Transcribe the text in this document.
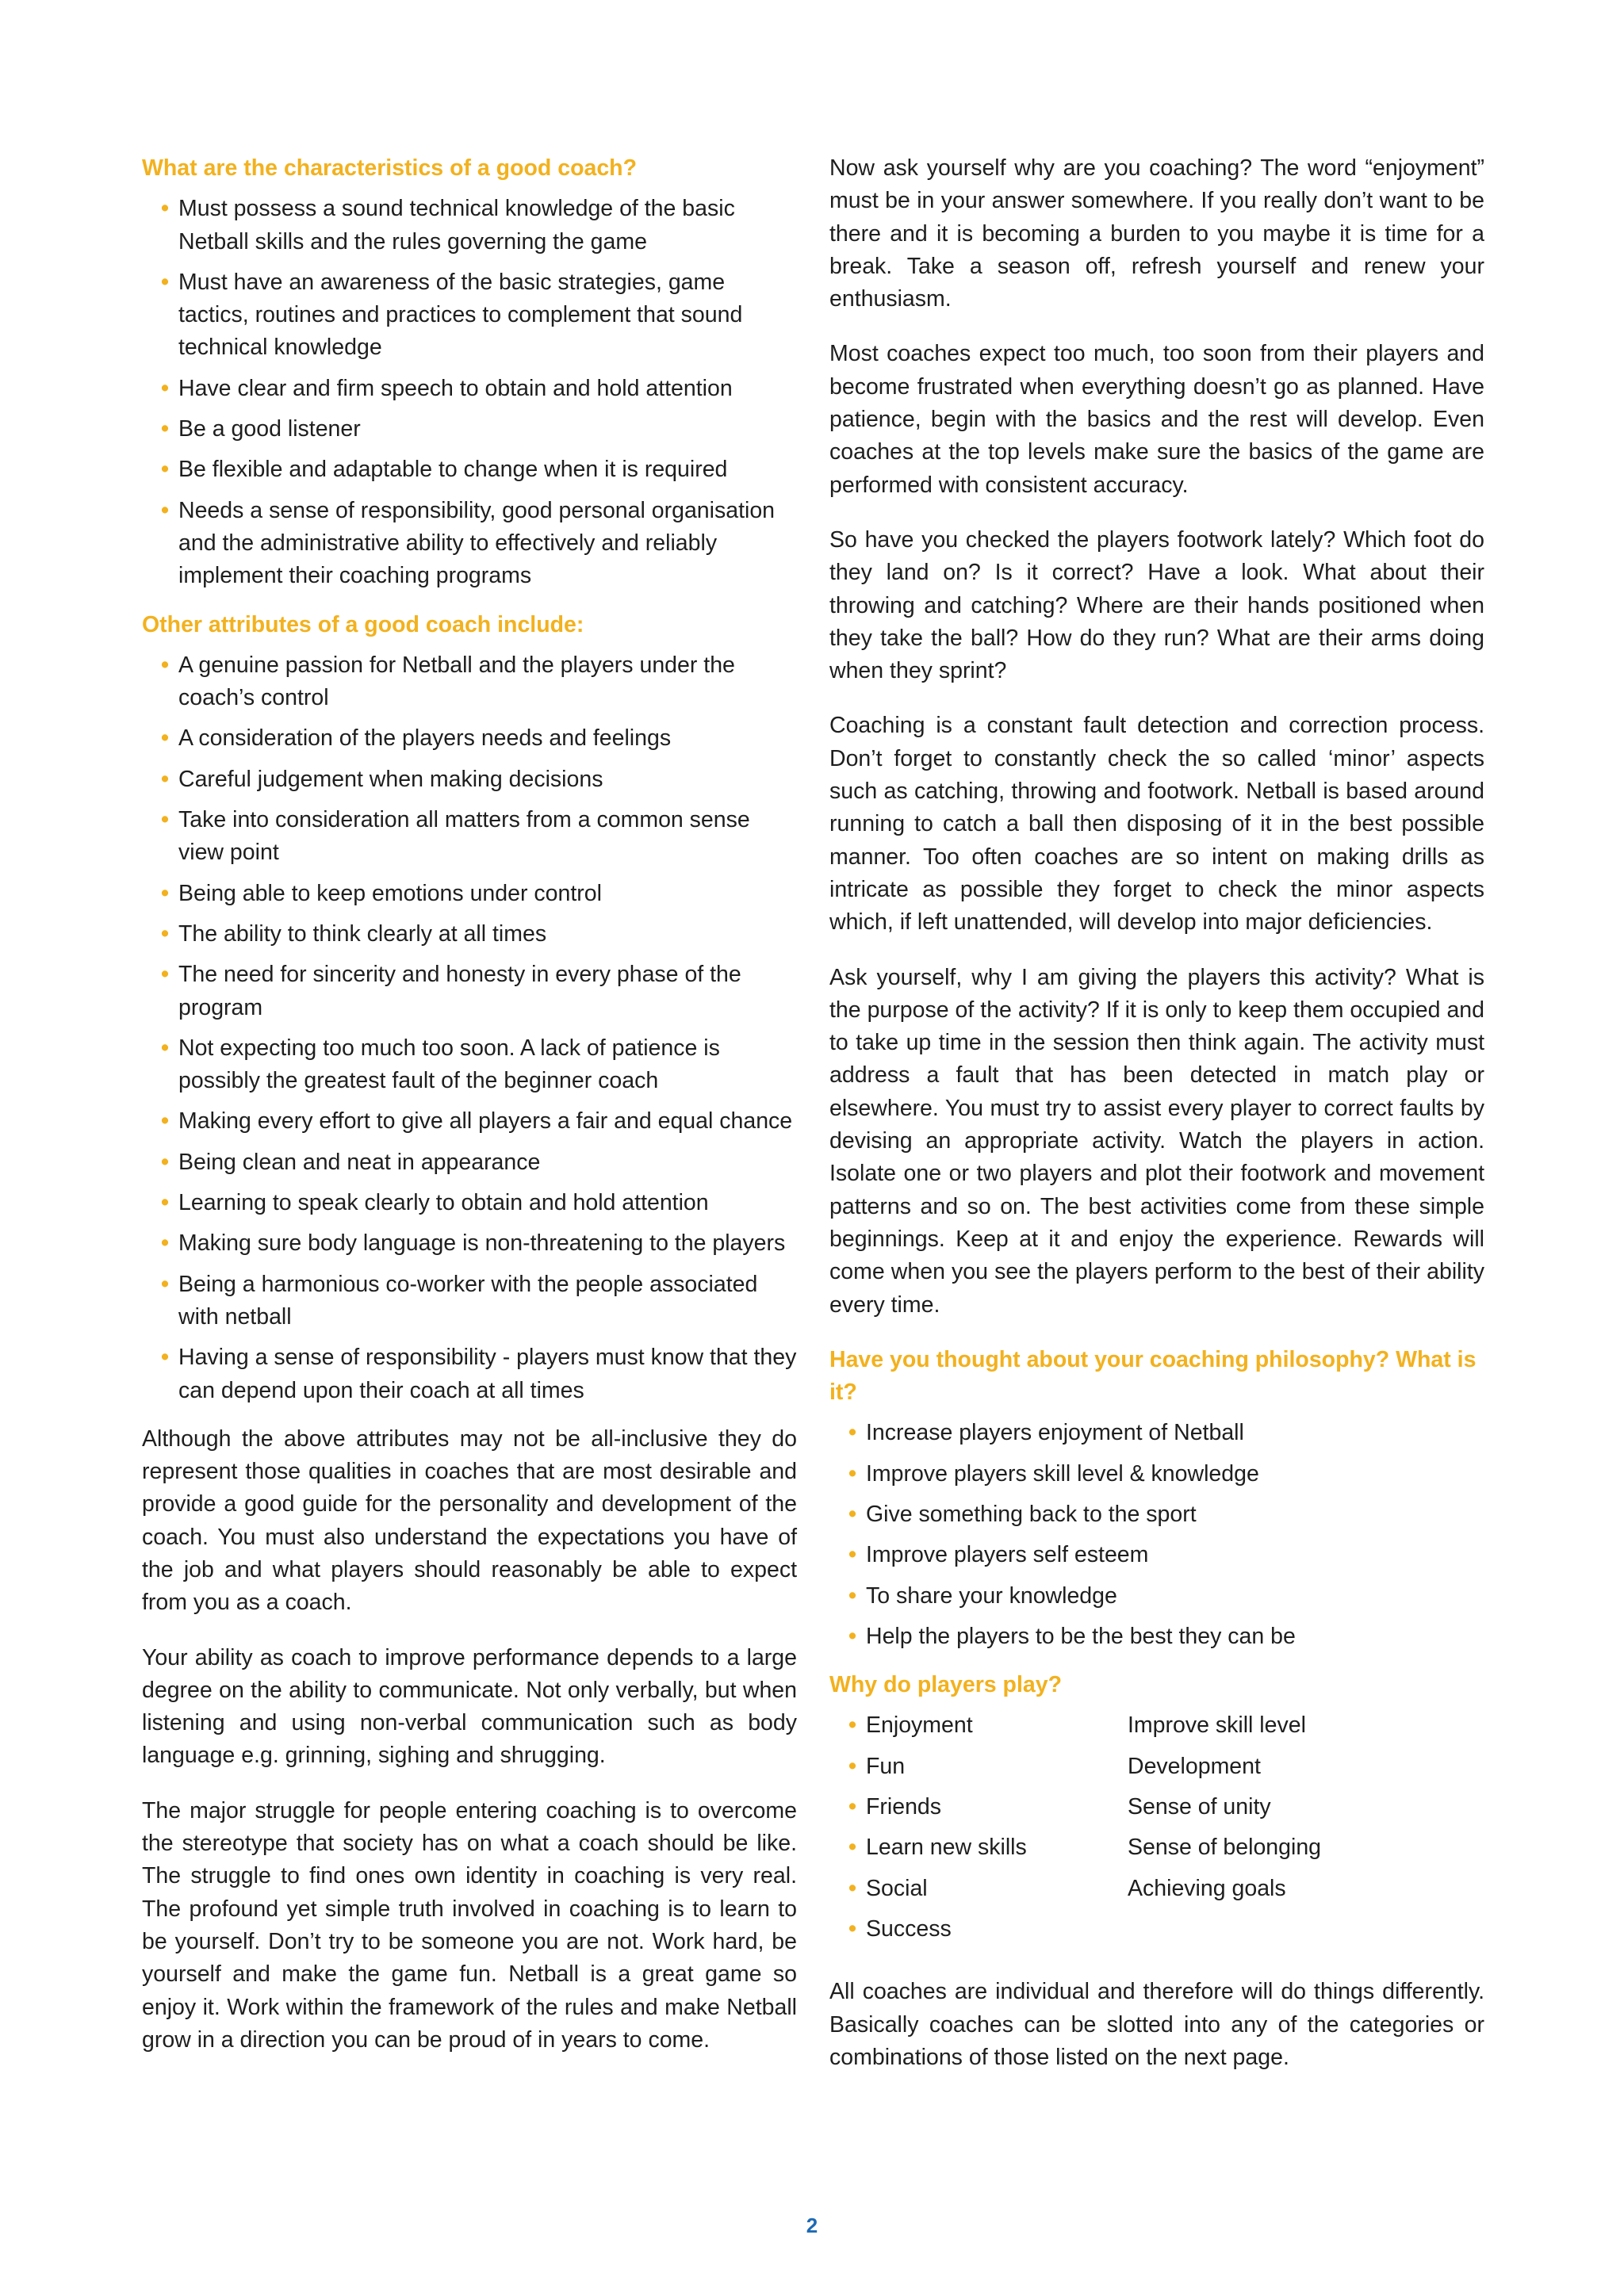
What are the characteristics of a good coach?
• Must possess a sound technical knowledge of the basic Netball skills and the rules governing the game
• Must have an awareness of the basic strategies, game tactics, routines and practices to complement that sound technical knowledge
• Have clear and firm speech to obtain and hold attention
• Be a good listener
• Be flexible and adaptable to change when it is required
• Needs a sense of responsibility, good personal organisation and the administrative ability to effectively and reliably implement their coaching programs
Other attributes of a good coach include:
• A genuine passion for Netball and the players under the coach’s control
• A consideration of the players needs and feelings
• Careful judgement when making decisions
• Take into consideration all matters from a common sense view point
• Being able to keep emotions under control
• The ability to think clearly at all times
• The need for sincerity and honesty in every phase of the program
• Not expecting too much too soon. A lack of patience is possibly the greatest fault of the beginner coach
• Making every effort to give all players a fair and equal chance
• Being clean and neat in appearance
• Learning to speak clearly to obtain and hold attention
• Making sure body language is non-threatening to the players
• Being a harmonious co-worker with the people associated with netball
• Having a sense of responsibility - players must know that they can depend upon their coach at all times

Although the above attributes may not be all-inclusive they do represent those qualities in coaches that are most desirable and provide a good guide for the personality and development of the coach. You must also understand the expectations you have of the job and what players should reasonably be able to expect from you as a coach.

Your ability as coach to improve performance depends to a large degree on the ability to communicate. Not only verbally, but when listening and using non-verbal communication such as body language e.g. grinning, sighing and shrugging.

The major struggle for people entering coaching is to overcome the stereotype that society has on what a coach should be like. The struggle to find ones own identity in coaching is very real. The profound yet simple truth involved in coaching is to learn to be yourself. Don’t try to be someone you are not. Work hard, be yourself and make the game fun. Netball is a great game so enjoy it. Work within the framework of the rules and make Netball grow in a direction you can be proud of in years to come.

Now ask yourself why are you coaching? The word “enjoyment” must be in your answer somewhere. If you really don’t want to be there and it is becoming a burden to you maybe it is time for a break. Take a season off, refresh yourself and renew your enthusiasm.

Most coaches expect too much, too soon from their players and become frustrated when everything doesn’t go as planned. Have patience, begin with the basics and the rest will develop. Even coaches at the top levels make sure the basics of the game are performed with consistent accuracy.

So have you checked the players footwork lately? Which foot do they land on? Is it correct? Have a look. What about their throwing and catching? Where are their hands positioned when they take the ball? How do they run? What are their arms doing when they sprint?

Coaching is a constant fault detection and correction process. Don’t forget to constantly check the so called ‘minor’ aspects such as catching, throwing and footwork. Netball is based around running to catch a ball then disposing of it in the best possible manner. Too often coaches are so intent on making drills as intricate as possible they forget to check the minor aspects which, if left unattended, will develop into major deficiencies.

Ask yourself, why I am giving the players this activity? What is the purpose of the activity? If it is only to keep them occupied and to take up time in the session then think again. The activity must address a fault that has been detected in match play or elsewhere. You must try to assist every player to correct faults by devising an appropriate activity. Watch the players in action. Isolate one or two players and plot their footwork and movement patterns and so on. The best activities come from these simple beginnings. Keep at it and enjoy the experience. Rewards will come when you see the players perform to the best of their ability every time.

Have you thought about your coaching philosophy? What is it?
• Increase players enjoyment of Netball
• Improve players skill level & knowledge
• Give something back to the sport
• Improve players self esteem
• To share your knowledge
• Help the players to be the best they can be
Why do players play?
• Enjoyment
• Fun
• Friends
• Learn new skills
• Social
• Success
Improve skill level
Development
Sense of unity
Sense of belonging
Achieving goals

All coaches are individual and therefore will do things differently. Basically coaches can be slotted into any of the categories or combinations of those listed on the next page.

2
